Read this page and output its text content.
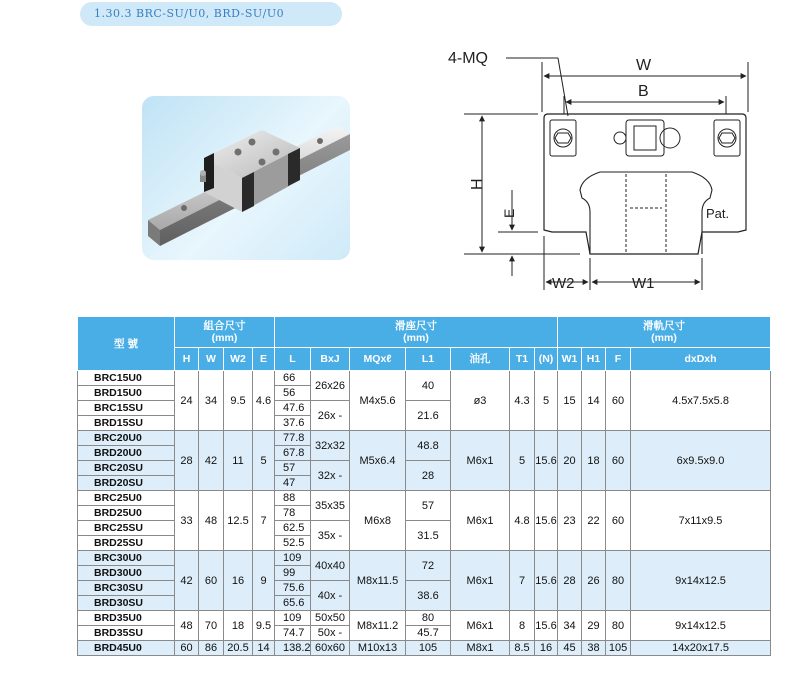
1.30.3 BRC-SU/U0, BRD-SU/U0
4-MQ	W
B
H
E
W2	W1
Pat.
型 號	組合尺寸
(mm)				滑座尺寸
(mm)							滑軌尺寸
(mm)			
	H	W	W2	E	L	BxJ	MQxℓ	L1	油孔	T1	(N)	W1	H1	F	dxDxh
BRC15U0	24	34	9.5	4.6	66	26x26	M4x5.6	40	ø3	4.3	5	15	14	60	4.5x7.5x5.8
BRD15U0					56										
BRC15SU					47.6	26x -		21.6							
BRD15SU					37.6										
BRC20U0	28	42	11	5	77.8	32x32	M5x6.4	48.8	M6x1	5	15.6	20	18	60	6x9.5x9.0
BRD20U0					67.8										
BRC20SU					57	32x -		28							
BRD20SU					47										
BRC25U0	33	48	12.5	7	88	35x35	M6x8	57	M6x1	4.8	15.6	23	22	60	7x11x9.5
BRD25U0					78										
BRC25SU					62.5	35x -		31.5							
BRD25SU					52.5										
BRC30U0	42	60	16	9	109	40x40	M8x11.5	72	M6x1	7	15.6	28	26	80	9x14x12.5
BRD30U0					99										
BRC30SU					75.6	40x -		38.6							
BRD30SU					65.6										
BRD35U0	48	70	18	9.5	109	50x50	M8x11.2	80	M6x1	8	15.6	34	29	80	9x14x12.5
BRD35SU					74.7	50x -		45.7							
BRD45U0	60	86	20.5	14	138.2	60x60	M10x13	105	M8x1	8.5	16	45	38	105	14x20x17.5
